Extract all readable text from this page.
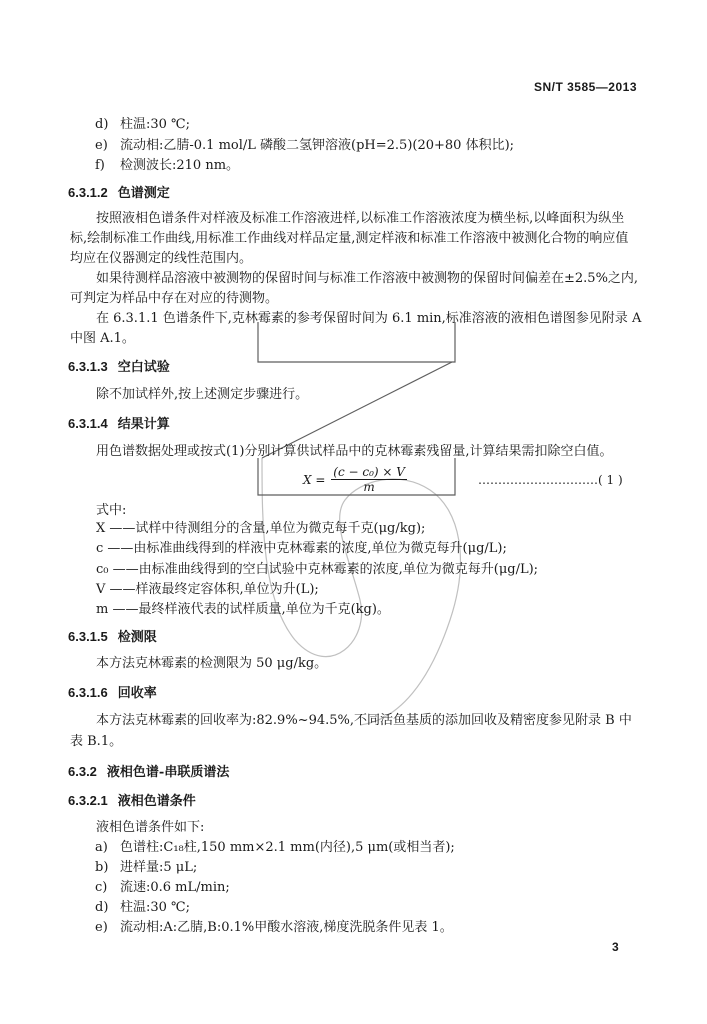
SN/T 3585—2013
d) 柱温:30 ℃;
e) 流动相:乙腈-0.1 mol/L 磷酸二氢钾溶液(pH=2.5)(20+80 体积比);
f) 检测波长:210 nm。
6.3.1.2 色谱测定
按照液相色谱条件对样液及标准工作溶液进样,以标准工作溶液浓度为横坐标,以峰面积为纵坐
标,绘制标准工作曲线,用标准工作曲线对样品定量,测定样液和标准工作溶液中被测化合物的响应值
均应在仪器测定的线性范围内。
如果待测样品溶液中被测物的保留时间与标准工作溶液中被测物的保留时间偏差在±2.5%之内,
可判定为样品中存在对应的待测物。
在 6.3.1.1 色谱条件下,克林霉素的参考保留时间为 6.1 min,标准溶液的液相色谱图参见附录 A
中图 A.1。
6.3.1.3 空白试验
除不加试样外,按上述测定步骤进行。
6.3.1.4 结果计算
用色谱数据处理或按式(1)分别计算供试样品中的克林霉素残留量,计算结果需扣除空白值。
$X = \frac{\text{(c − c₀) × V}}{m}$	…………………………( 1 )
式中:
X ——试样中待测组分的含量,单位为微克每千克(μg/kg);
c ——由标准曲线得到的样液中克林霉素的浓度,单位为微克每升(μg/L);
c₀ ——由标准曲线得到的空白试验中克林霉素的浓度,单位为微克每升(μg/L);
V ——样液最终定容体积,单位为升(L);
m ——最终样液代表的试样质量,单位为千克(kg)。
6.3.1.5 检测限
本方法克林霉素的检测限为 50 μg/kg。
6.3.1.6 回收率
本方法克林霉素的回收率为:82.9%~94.5%,不同活鱼基质的添加回收及精密度参见附录 B 中
表 B.1。
6.3.2 液相色谱-串联质谱法
6.3.2.1 液相色谱条件
液相色谱条件如下:
a) 色谱柱:C₁₈柱,150 mm×2.1 mm(内径),5 μm(或相当者);
b) 进样量:5 μL;
c) 流速:0.6 mL/min;
d) 柱温:30 ℃;
e) 流动相:A:乙腈,B:0.1%甲酸水溶液,梯度洗脱条件见表 1。
3
